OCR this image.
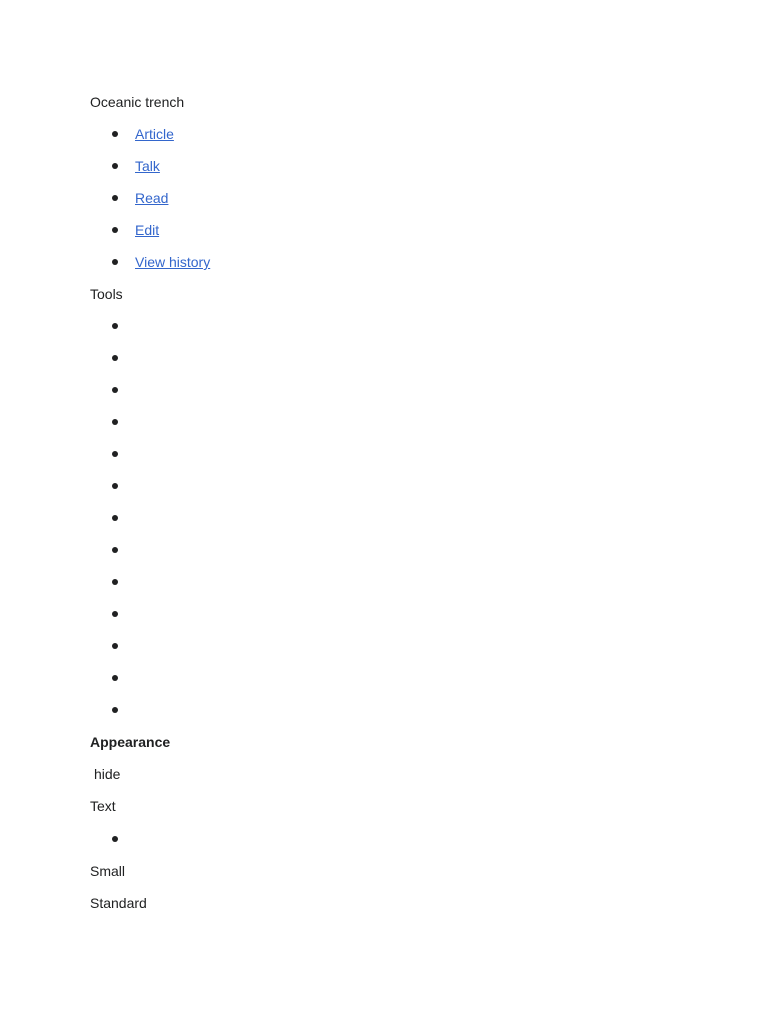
Oceanic trench
Article
Talk
Read
Edit
View history
Tools
Appearance
hide
Text
Small
Standard
